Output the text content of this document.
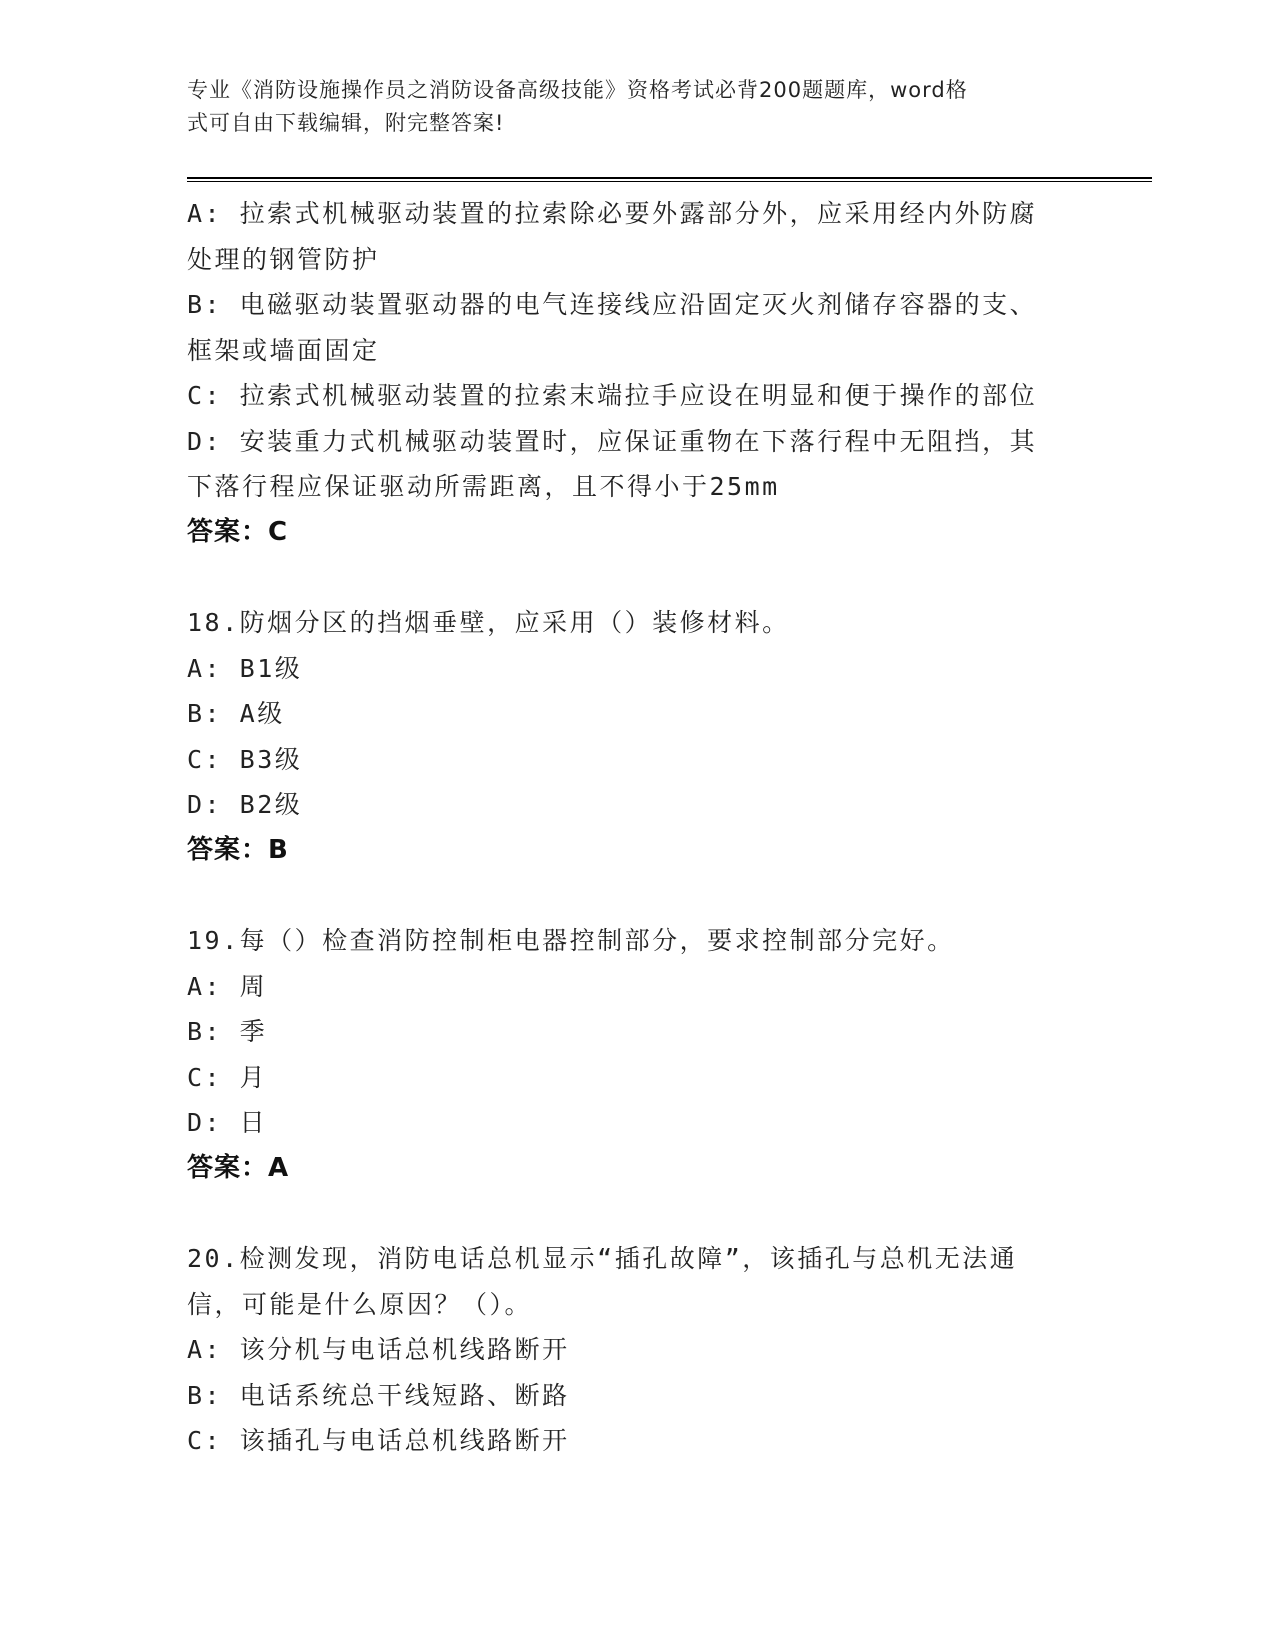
专业《消防设施操作员之消防设备高级技能》资格考试必背200题题库，word格
式可自由下载编辑，附完整答案!
A: 拉索式机械驱动装置的拉索除必要外露部分外，应采用经内外防腐
处理的钢管防护
B: 电磁驱动装置驱动器的电气连接线应沿固定灭火剂储存容器的支、
框架或墙面固定
C: 拉索式机械驱动装置的拉索末端拉手应设在明显和便于操作的部位
D: 安装重力式机械驱动装置时，应保证重物在下落行程中无阻挡，其
下落行程应保证驱动所需距离，且不得小于25mm
答案：C
18.防烟分区的挡烟垂壁，应采用（）装修材料。
A: B1级
B: A级
C: B3级
D: B2级
答案：B
19.每（）检查消防控制柜电器控制部分，要求控制部分完好。
A: 周
B: 季
C: 月
D: 日
答案：A
20.检测发现，消防电话总机显示“插孔故障”，该插孔与总机无法通
信，可能是什么原因？（）。
A: 该分机与电话总机线路断开
B: 电话系统总干线短路、断路
C: 该插孔与电话总机线路断开
